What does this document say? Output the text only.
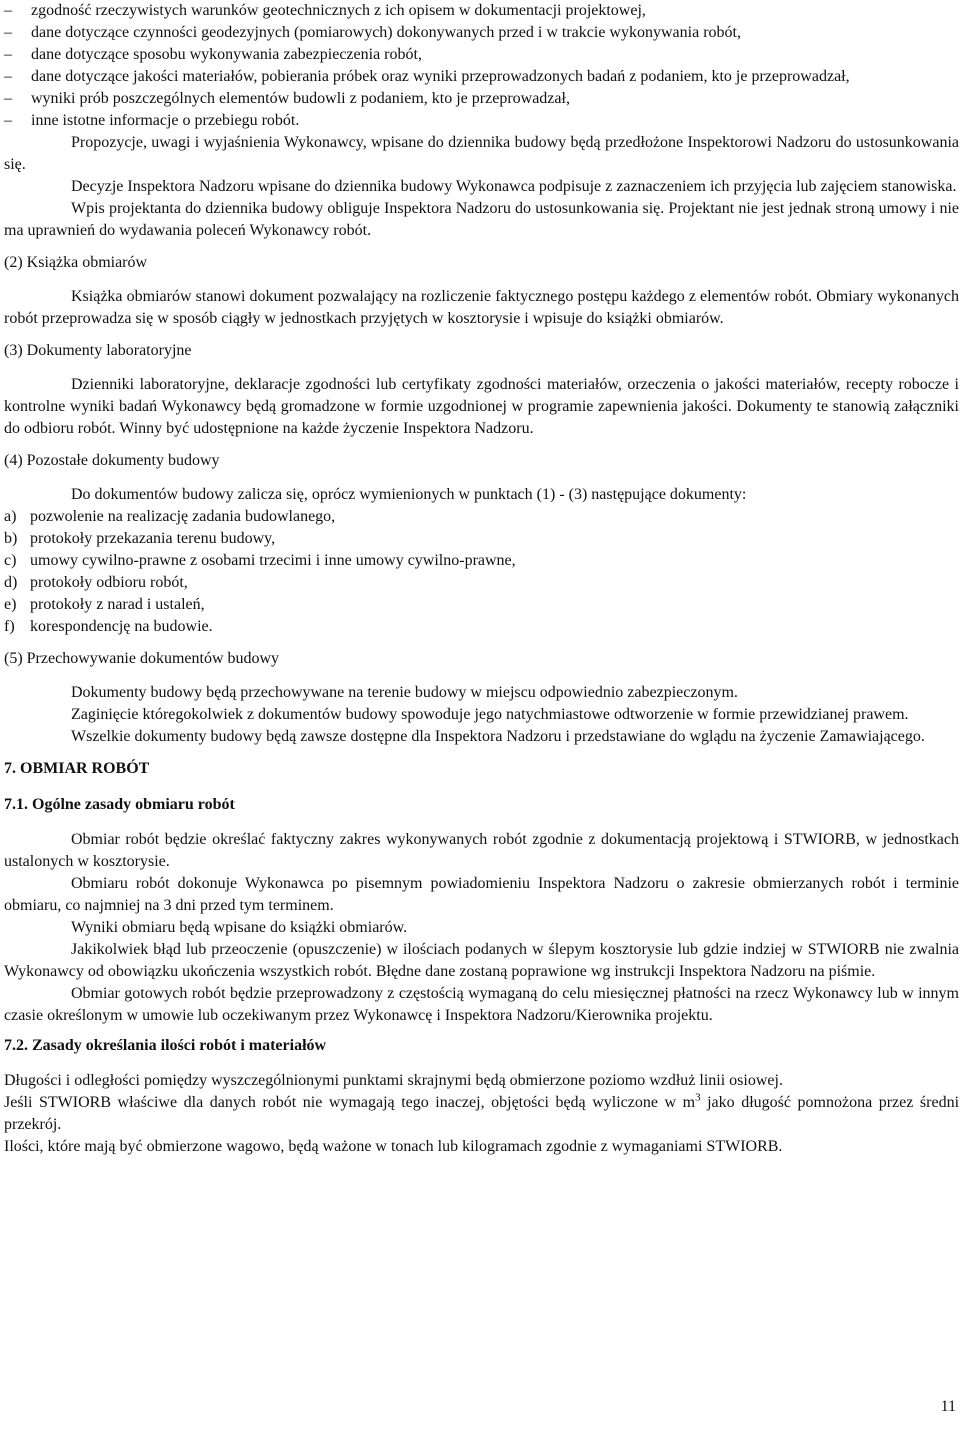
–	zgodność rzeczywistych warunków geotechnicznych z ich opisem w dokumentacji projektowej,
–	dane dotyczące czynności geodezyjnych (pomiarowych) dokonywanych przed i w trakcie wykonywania robót,
–	dane dotyczące sposobu wykonywania zabezpieczenia robót,
–	dane dotyczące jakości materiałów, pobierania próbek oraz wyniki przeprowadzonych badań z podaniem, kto je przeprowadzał,
–	wyniki prób poszczególnych elementów budowli z podaniem, kto je przeprowadzał,
–	inne istotne informacje o przebiegu robót.

Propozycje, uwagi i wyjaśnienia Wykonawcy, wpisane do dziennika budowy będą przedłożone Inspektorowi Nadzoru do ustosunkowania się.

Decyzje Inspektora Nadzoru wpisane do dziennika budowy Wykonawca podpisuje z zaznaczeniem ich przyjęcia lub zajęciem stanowiska.

Wpis projektanta do dziennika budowy obliguje Inspektora Nadzoru do ustosunkowania się. Projektant nie jest jednak stroną umowy i nie ma uprawnień do wydawania poleceń Wykonawcy robót.

(2) Książka obmiarów

Książka obmiarów stanowi dokument pozwalający na rozliczenie faktycznego postępu każdego z elementów robót. Obmiary wykonanych robót przeprowadza się w sposób ciągły w jednostkach przyjętych w kosztorysie i wpisuje do książki obmiarów.

(3) Dokumenty laboratoryjne

Dzienniki laboratoryjne, deklaracje zgodności lub certyfikaty zgodności materiałów, orzeczenia o jakości materiałów, recepty robocze i kontrolne wyniki badań Wykonawcy będą gromadzone w formie uzgodnionej w programie zapewnienia jakości. Dokumenty te stanowią załączniki do odbioru robót. Winny być udostępnione na każde życzenie Inspektora Nadzoru.

(4) Pozostałe dokumenty budowy

Do dokumentów budowy zalicza się, oprócz wymienionych w punktach (1) - (3) następujące dokumenty:

a) pozwolenie na realizację zadania budowlanego,
b) protokoły przekazania terenu budowy,
c) umowy cywilno-prawne z osobami trzecimi i inne umowy cywilno-prawne,
d) protokoły odbioru robót,
e) protokoły z narad i ustaleń,
f) korespondencję na budowie.

(5) Przechowywanie dokumentów budowy

Dokumenty budowy będą przechowywane na terenie budowy w miejscu odpowiednio zabezpieczonym.

Zaginięcie któregokolwiek z dokumentów budowy spowoduje jego natychmiastowe odtworzenie w formie przewidzianej prawem.

Wszelkie dokumenty budowy będą zawsze dostępne dla Inspektora Nadzoru i przedstawiane do wglądu na życzenie Zamawiającego.

7. OBMIAR ROBÓT

7.1. Ogólne zasady obmiaru robót

Obmiar robót będzie określać faktyczny zakres wykonywanych robót zgodnie z dokumentacją projektową i STWIORB, w jednostkach ustalonych w kosztorysie.

Obmiaru robót dokonuje Wykonawca po pisemnym powiadomieniu Inspektora Nadzoru o zakresie obmierzanych robót i terminie obmiaru, co najmniej na 3 dni przed tym terminem.

Wyniki obmiaru będą wpisane do książki obmiarów.

Jakikolwiek błąd lub przeoczenie (opuszczenie) w ilościach podanych w ślepym kosztorysie lub gdzie indziej w STWIORB nie zwalnia Wykonawcy od obowiązku ukończenia wszystkich robót. Błędne dane zostaną poprawione wg instrukcji Inspektora Nadzoru na piśmie.

Obmiar gotowych robót będzie przeprowadzony z częstością wymaganą do celu miesięcznej płatności na rzecz Wykonawcy lub w innym czasie określonym w umowie lub oczekiwanym przez Wykonawcę i Inspektora Nadzoru/Kierownika projektu.

7.2. Zasady określania ilości robót i materiałów

Długości i odległości pomiędzy wyszczególnionymi punktami skrajnymi będą obmierzone poziomo wzdłuż linii osiowej.

Jeśli STWIORB właściwe dla danych robót nie wymagają tego inaczej, objętości będą wyliczone w $m^3$ jako długość pomnożona przez średni przekrój.

Ilości, które mają być obmierzone wagowo, będą ważone w tonach lub kilogramach zgodnie z wymaganiami STWIORB.

11
